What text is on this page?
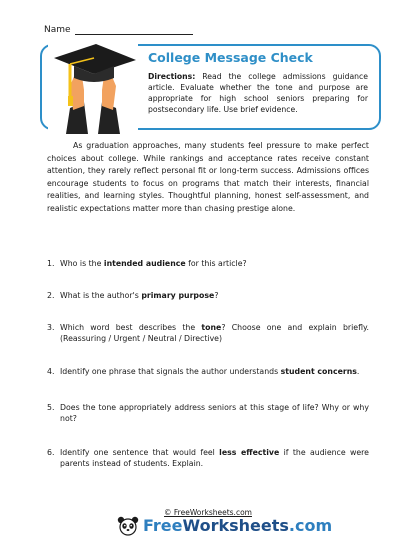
Name
College Message Check
Directions: Read the college admissions guidance article. Evaluate whether the tone and purpose are appropriate for high school seniors preparing for postsecondary life. Use brief evidence.
As graduation approaches, many students feel pressure to make perfect choices about college. While rankings and acceptance rates receive constant attention, they rarely reflect personal fit or long-term success. Admissions offices encourage students to focus on programs that match their interests, financial realities, and learning styles. Thoughtful planning, honest self-assessment, and realistic expectations matter more than chasing prestige alone.
1. Who is the intended audience for this article?
2. What is the author's primary purpose?
3. Which word best describes the tone? Choose one and explain briefly. (Reassuring / Urgent / Neutral / Directive)
4. Identify one phrase that signals the author understands student concerns.
5. Does the tone appropriately address seniors at this stage of life? Why or why not?
6. Identify one sentence that would feel less effective if the audience were parents instead of students. Explain.
© FreeWorksheets.com
FreeWorksheets.com
